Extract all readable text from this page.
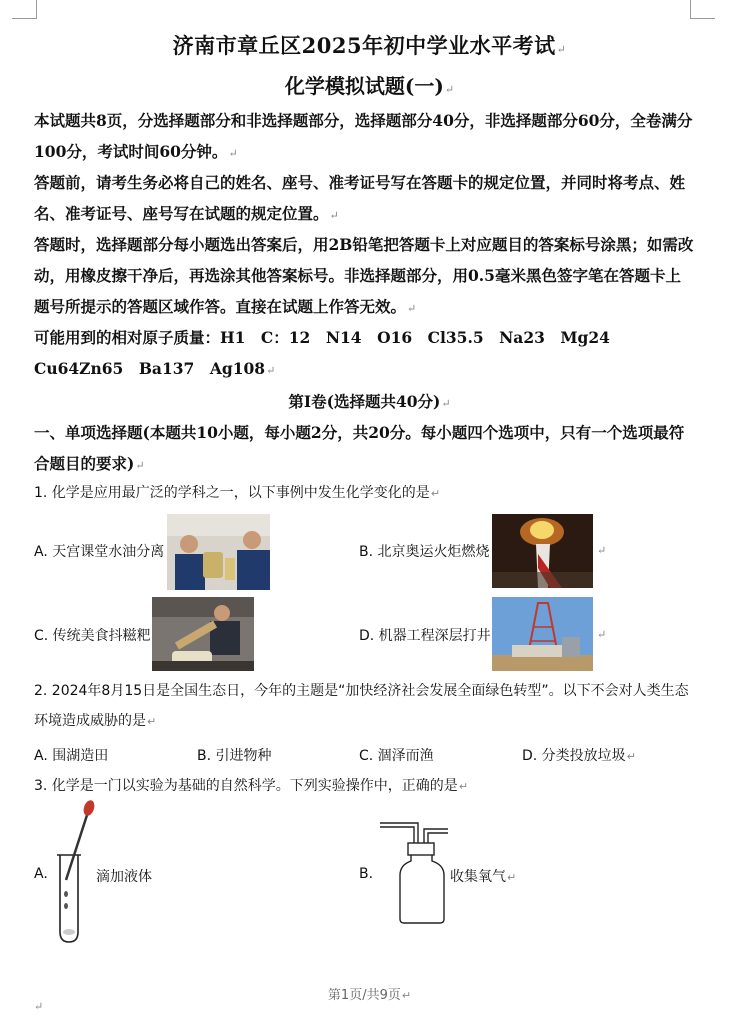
济南市章丘区2025年初中学业水平考试↵
化学模拟试题(一)↵
本试题共8页，分选择题部分和非选择题部分，选择题部分40分，非选择题部分60分，全卷满分100分，考试时间60分钟。↵
答题前，请考生务必将自己的姓名、座号、准考证号写在答题卡的规定位置，并同时将考点、姓名、准考证号、座号写在试题的规定位置。↵
答题时，选择题部分每小题选出答案后，用2B铅笔把答题卡上对应题目的答案标号涂黑；如需改动，用橡皮擦干净后，再选涂其他答案标号。非选择题部分，用0.5毫米黑色签字笔在答题卡上题号所提示的答题区域作答。直接在试题上作答无效。↵
可能用到的相对原子质量：H1　C：12　N14　O16　Cl35.5　Na23　Mg24　Cu64Zn65　Ba137　Ag108↵
第Ⅰ卷(选择题共40分)↵
一、单项选择题(本题共10小题，每小题2分，共20分。每小题四个选项中，只有一个选项最符合题目的要求)↵
1. 化学是应用最广泛的学科之一，以下事例中发生化学变化的是↵
A. 天宫课堂水油分离	B. 北京奥运火炬燃烧	↵
C. 传统美食抖糍粑	D. 机器工程深层打井	↵
2. 2024年8月15日是全国生态日，今年的主题是“加快经济社会发展全面绿色转型”。以下不会对人类生态环境造成威胁的是↵
A. 围湖造田	B. 引进物种	C. 涸泽而渔	D. 分类投放垃圾↵
3. 化学是一门以实验为基础的自然科学。下列实验操作中，正确的是↵
A.	滴加液体	B.	收集氧气↵
第1页/共9页↵
↵
